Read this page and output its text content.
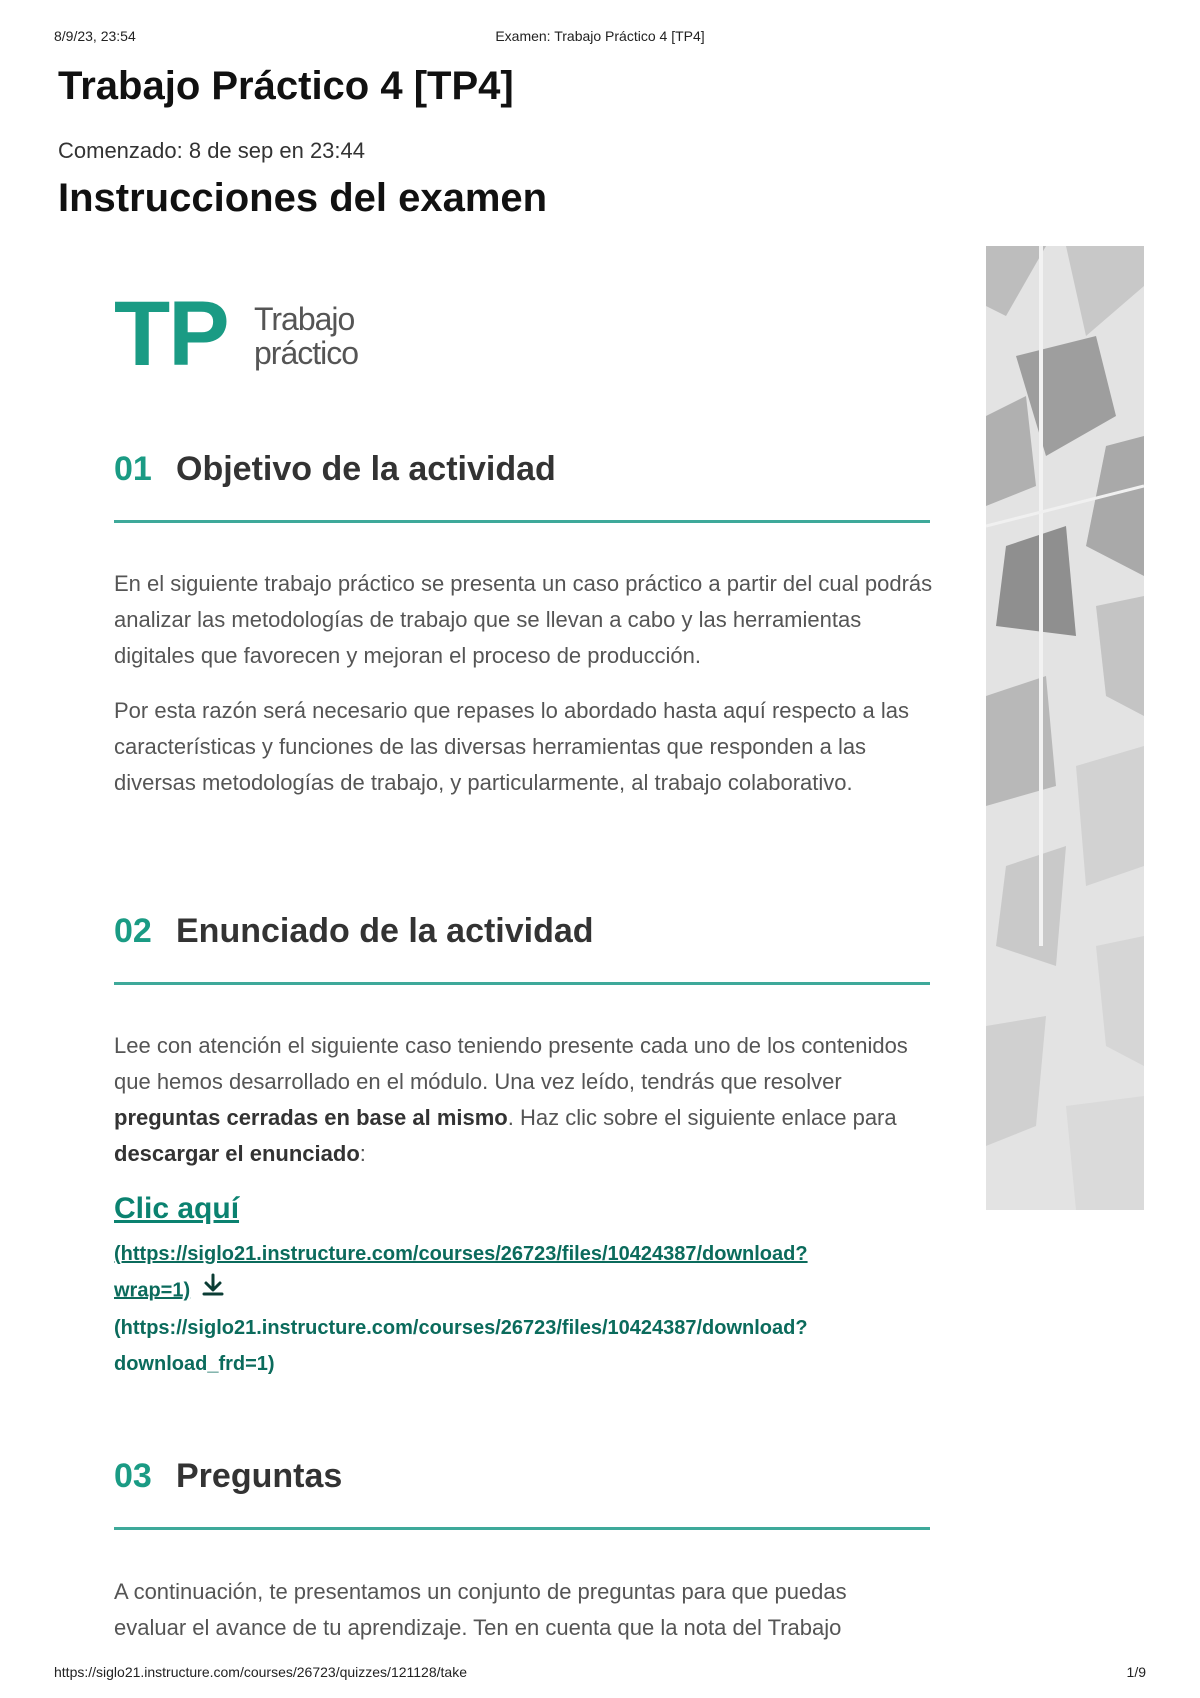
8/9/23, 23:54	Examen: Trabajo Práctico 4 [TP4]
Trabajo Práctico 4 [TP4]
Comenzado: 8 de sep en 23:44
Instrucciones del examen
TP Trabajo
práctico
01 Objetivo de la actividad

En el siguiente trabajo práctico se presenta un caso práctico a partir del cual podrás analizar las metodologías de trabajo que se llevan a cabo y las herramientas digitales que favorecen y mejoran el proceso de producción.

Por esta razón será necesario que repases lo abordado hasta aquí respecto a las características y funciones de las diversas herramientas que responden a las diversas metodologías de trabajo, y particularmente, al trabajo colaborativo.

02 Enunciado de la actividad

Lee con atención el siguiente caso teniendo presente cada uno de los contenidos que hemos desarrollado en el módulo. Una vez leído, tendrás que resolver preguntas cerradas en base al mismo. Haz clic sobre el siguiente enlace para descargar el enunciado:

Clic aquí
(https://siglo21.instructure.com/courses/26723/files/10424387/download?
wrap=1)
(https://siglo21.instructure.com/courses/26723/files/10424387/download?
download_frd=1)
03 Preguntas

A continuación, te presentamos un conjunto de preguntas para que puedas
evaluar el avance de tu aprendizaje. Ten en cuenta que la nota del Trabajo

https://siglo21.instructure.com/courses/26723/quizzes/121128/take	1/9
